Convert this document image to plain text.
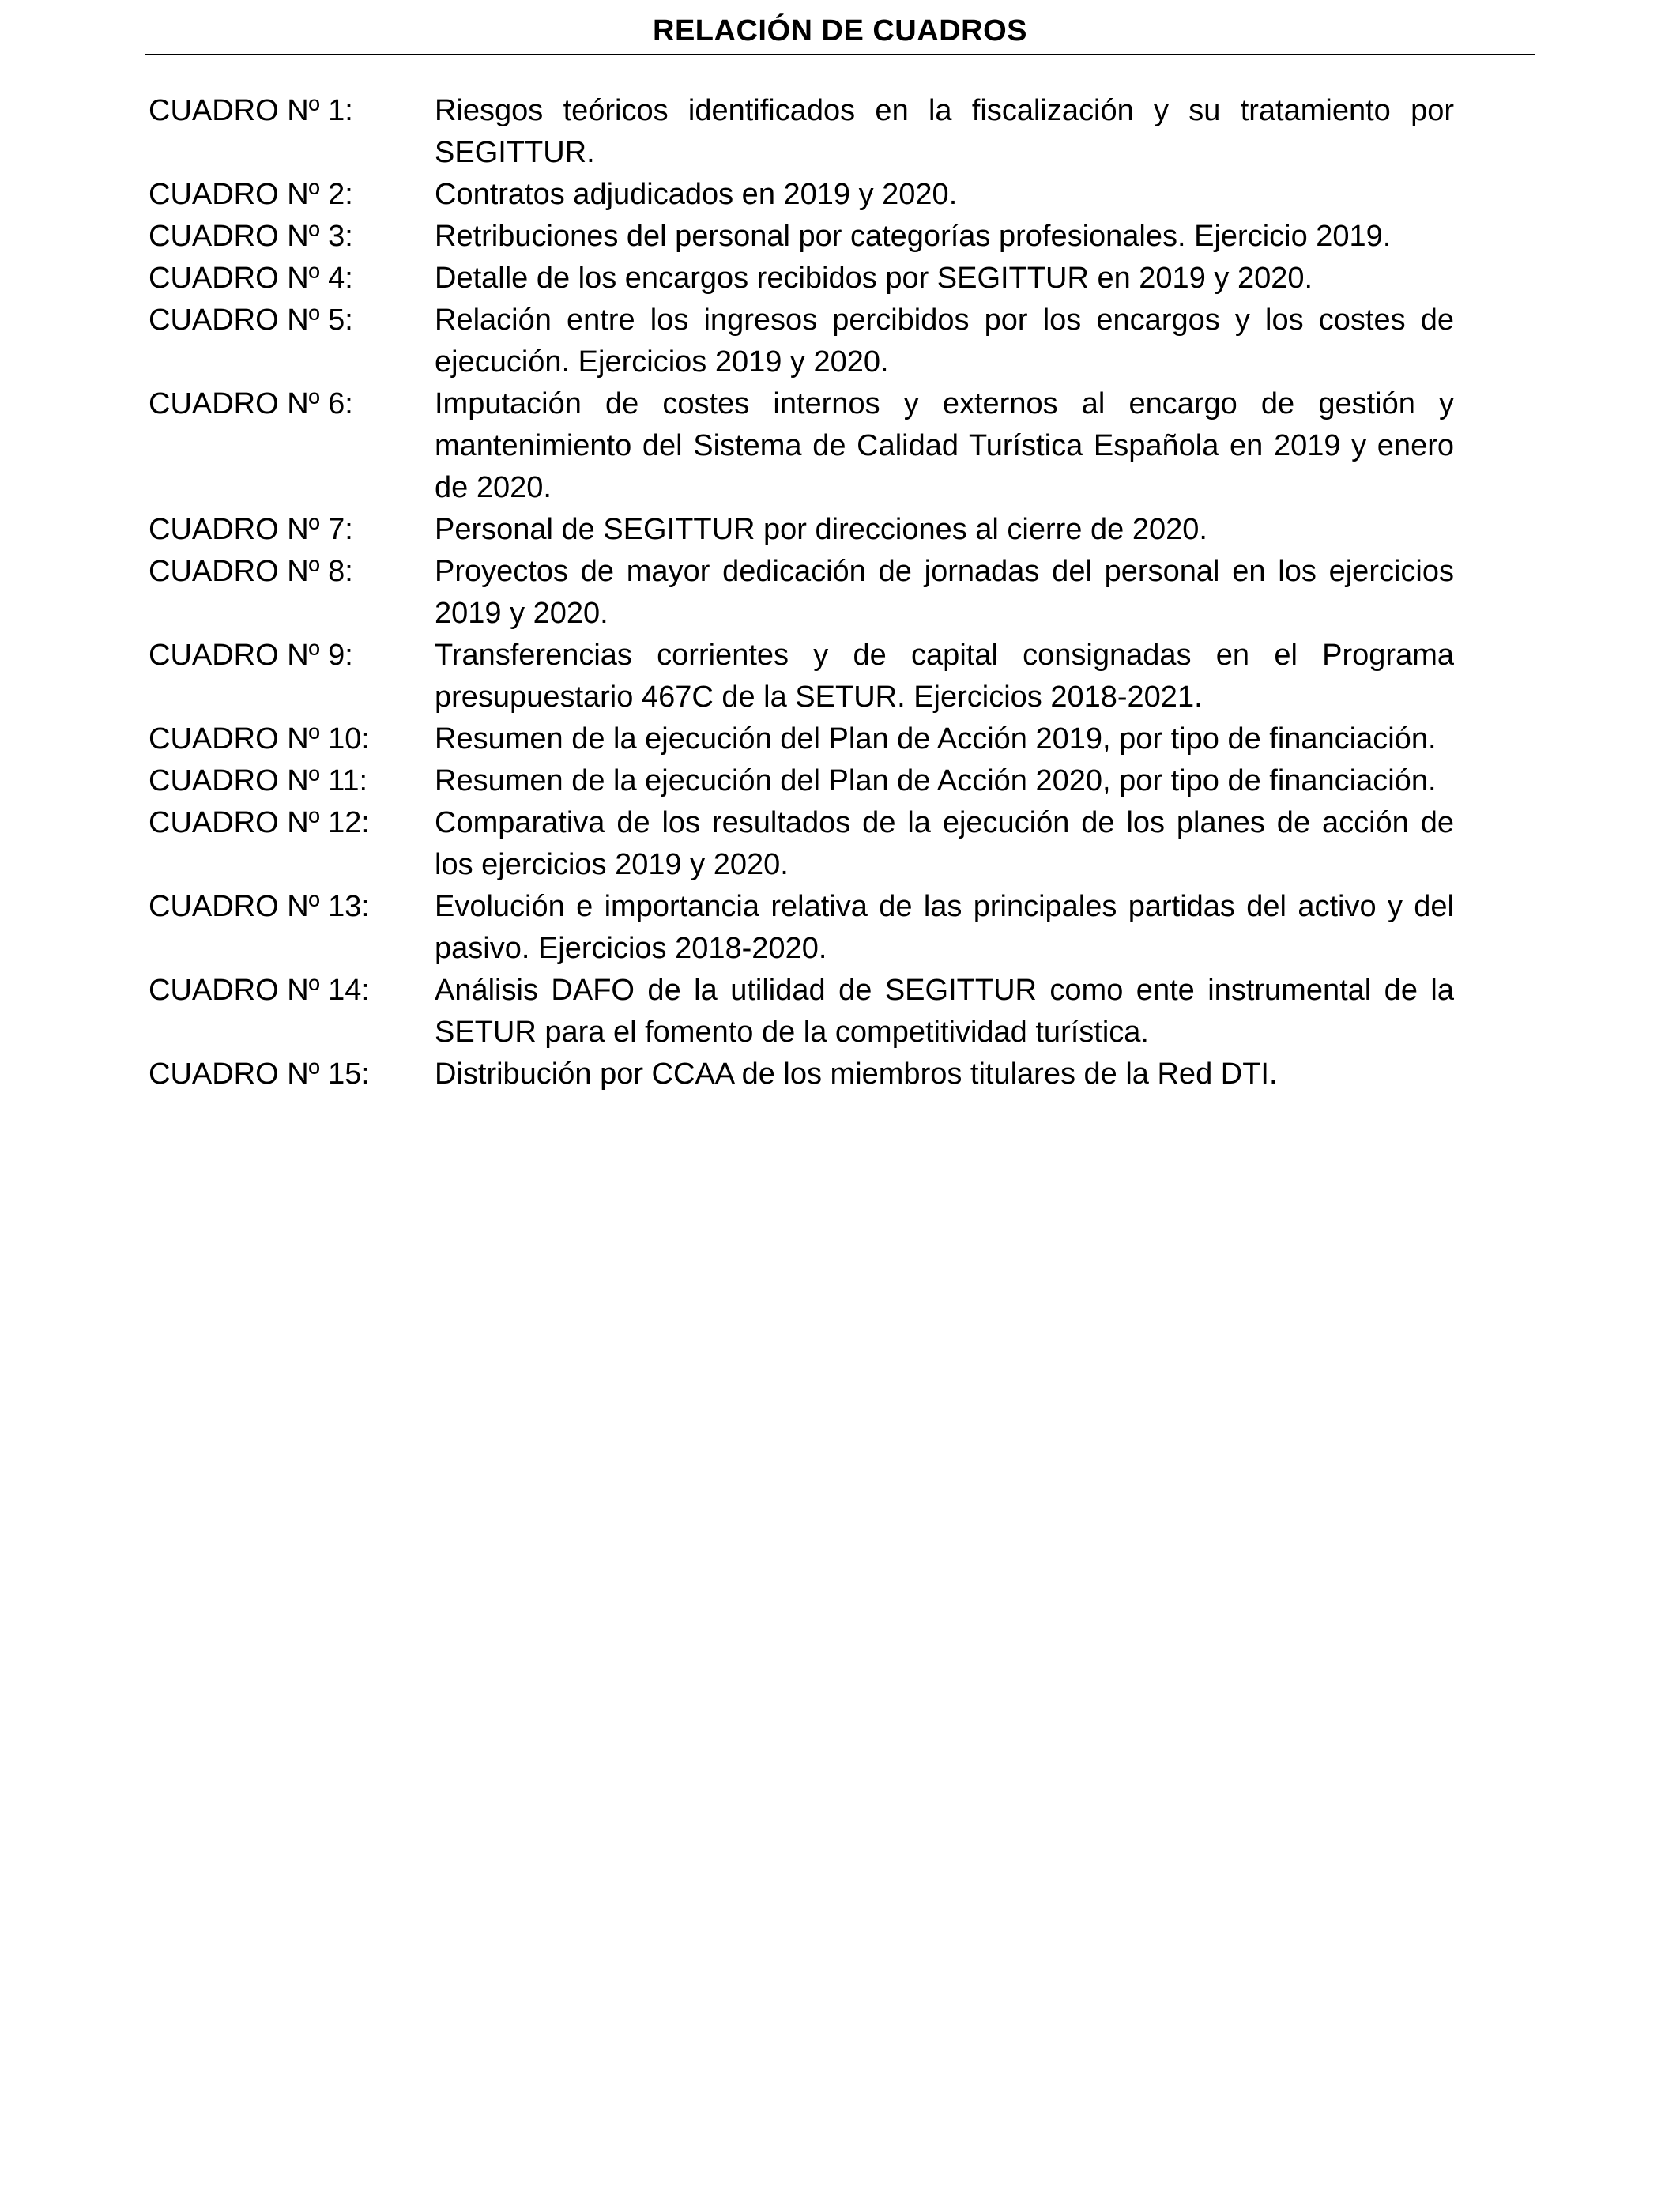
RELACIÓN DE CUADROS
CUADRO Nº 1:	Riesgos teóricos identificados en la fiscalización y su tratamiento por SEGITTUR.
CUADRO Nº 2:	Contratos adjudicados en 2019 y 2020.
CUADRO Nº 3:	Retribuciones del personal por categorías profesionales. Ejercicio 2019.
CUADRO Nº 4:	Detalle de los encargos recibidos por SEGITTUR en 2019 y 2020.
CUADRO Nº 5:	Relación entre los ingresos percibidos por los encargos y los costes de ejecución. Ejercicios 2019 y 2020.
CUADRO Nº 6:	Imputación de costes internos y externos al encargo de gestión y mantenimiento del Sistema de Calidad Turística Española en 2019 y enero de 2020.
CUADRO Nº 7:	Personal de SEGITTUR por direcciones al cierre de 2020.
CUADRO Nº 8:	Proyectos de mayor dedicación de jornadas del personal en los ejercicios 2019 y 2020.
CUADRO Nº 9:	Transferencias corrientes y de capital consignadas en el Programa presupuestario 467C de la SETUR. Ejercicios 2018-2021.
CUADRO Nº 10:	Resumen de la ejecución del Plan de Acción 2019, por tipo de financiación.
CUADRO Nº 11:	Resumen de la ejecución del Plan de Acción 2020, por tipo de financiación.
CUADRO Nº 12:	Comparativa de los resultados de la ejecución de los planes de acción de los ejercicios 2019 y 2020.
CUADRO Nº 13:	Evolución e importancia relativa de las principales partidas del activo y del pasivo. Ejercicios 2018-2020.
CUADRO Nº 14:	Análisis DAFO de la utilidad de SEGITTUR como ente instrumental de la SETUR para el fomento de la competitividad turística.
CUADRO Nº 15:	Distribución por CCAA de los miembros titulares de la Red DTI.
